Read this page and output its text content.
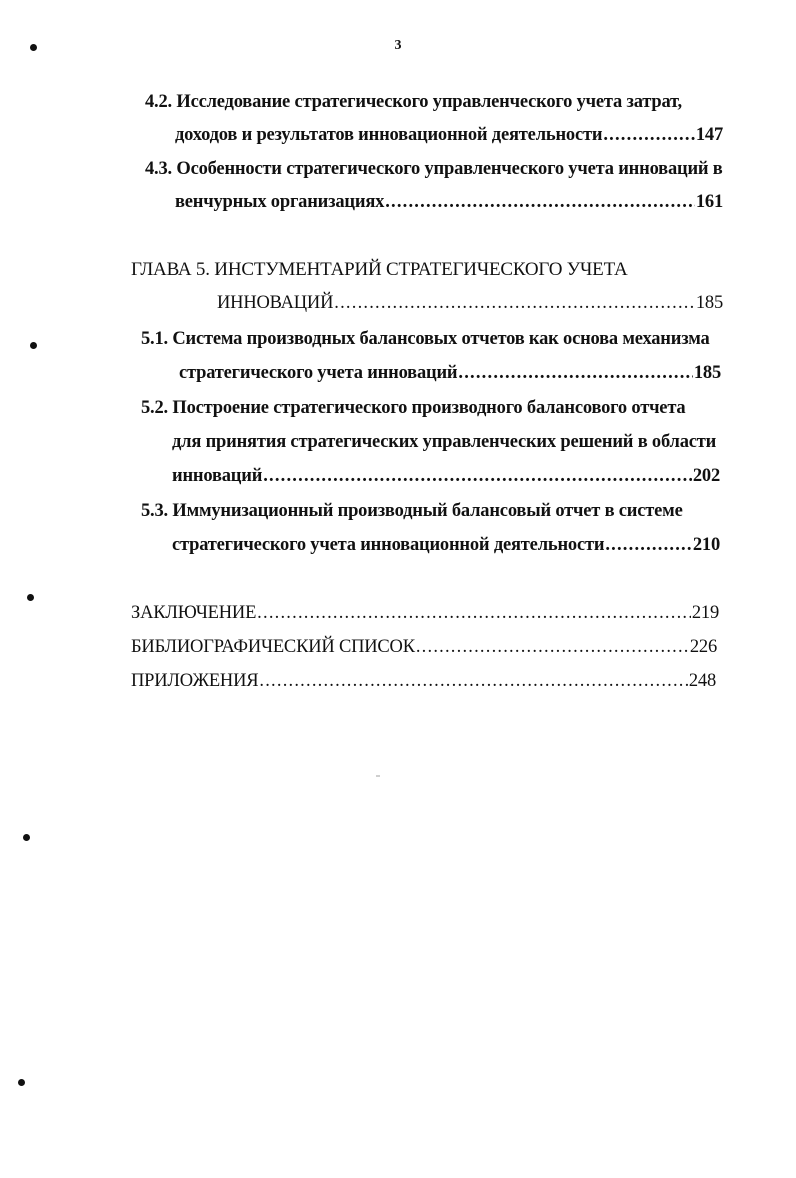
3
4.2. Исследование стратегического управленческого учета затрат,
доходов и результатов инновационной деятельности .....	147
4.3. Особенности стратегического управленческого учета инноваций в
венчурных организациях .....	161
ГЛАВА 5. ИНСТУМЕНТАРИЙ СТРАТЕГИЧЕСКОГО УЧЕТА
ИННОВАЦИЙ .....	185
5.1. Система производных балансовых отчетов как основа механизма
стратегического учета инноваций .....	185
5.2. Построение стратегического производного балансового отчета
для принятия стратегических управленческих решений в области
инноваций .....	202
5.3. Иммунизационный производный балансовый отчет в системе
стратегического учета инновационной деятельности .....	210
ЗАКЛЮЧЕНИЕ .....	219
БИБЛИОГРАФИЧЕСКИЙ СПИСОК .....	226
ПРИЛОЖЕНИЯ .....	248
